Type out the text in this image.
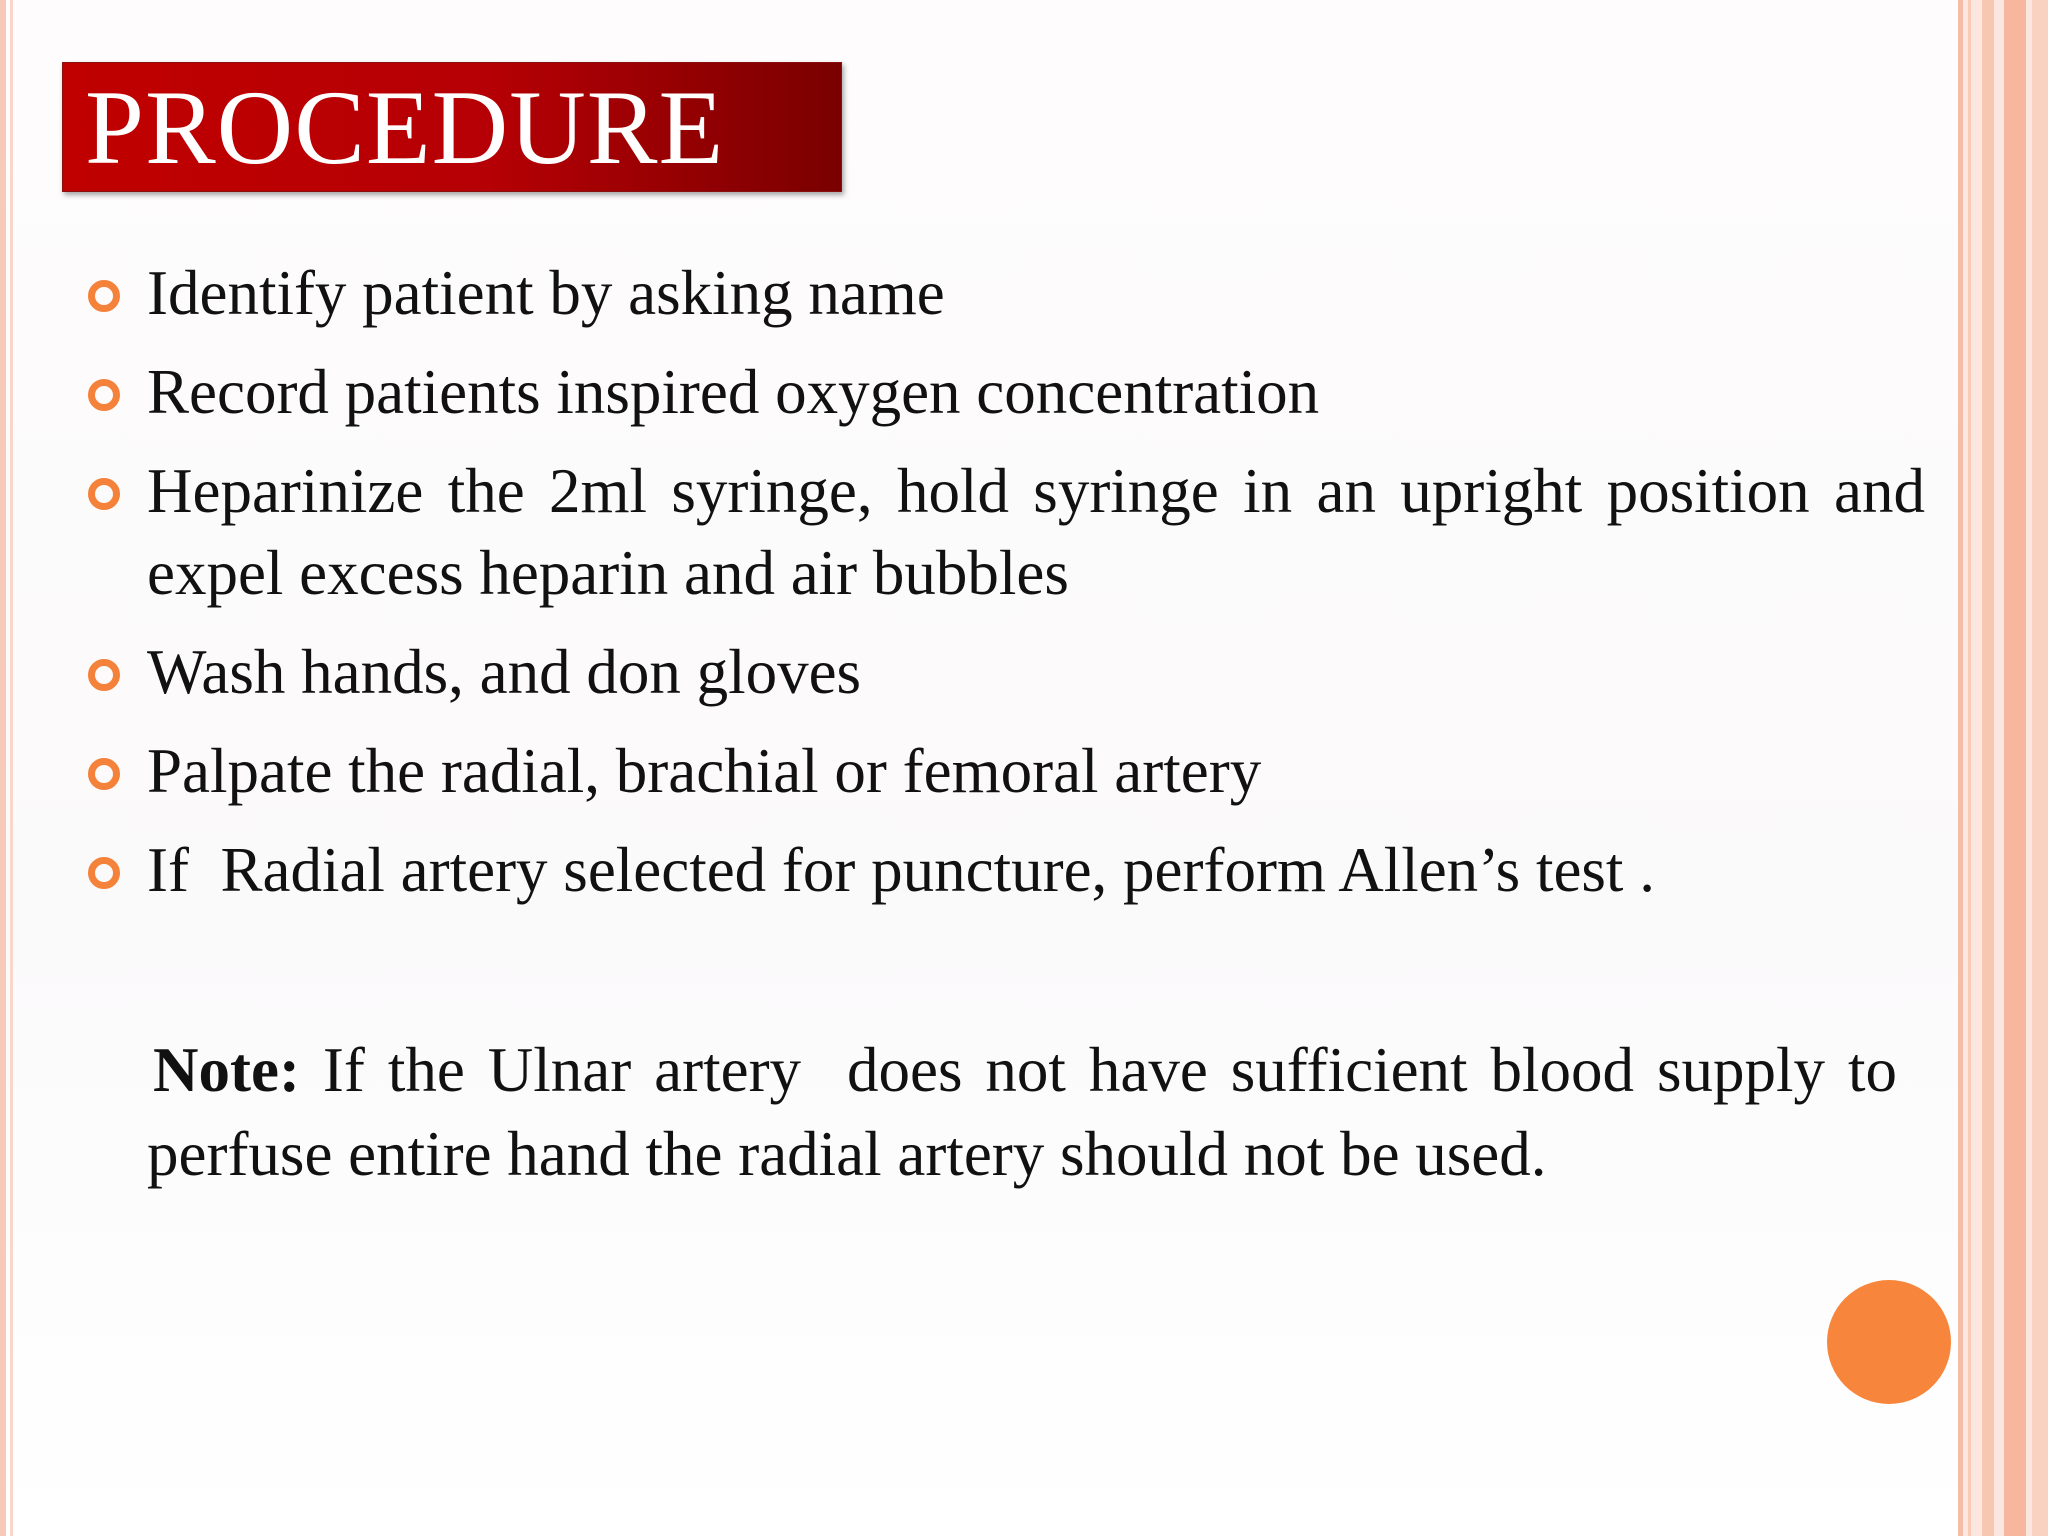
PROCEDURE
Identify patient by asking name
Record patients inspired oxygen concentration
Heparinize the 2ml syringe, hold syringe in an upright position and expel excess heparin and air bubbles
Wash hands, and don gloves
Palpate the radial, brachial or femoral artery
If  Radial artery selected for puncture, perform Allen’s test .
Note: If the Ulnar artery  does not have sufficient blood supply to perfuse entire hand the radial artery should not be used.
